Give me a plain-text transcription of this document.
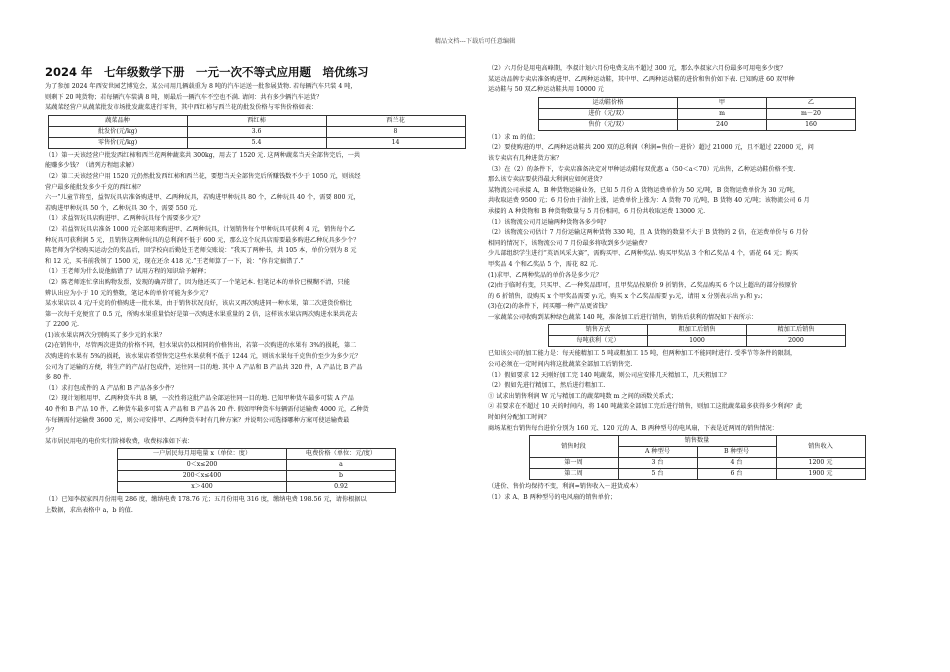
精品文档---下载后可任意编辑
2024 年　七年级数学下册　一元一次不等式应用题　培优练习

为了参加 2024 年西安世园艺博览会，某公司用几辆载重为 8 吨的汽车运送一批参展货物. 若每辆汽车只装 4 吨，

则剩下 20 吨货物；若每辆汽车装满 8 吨，则最后一辆汽车不空也不满. 请问：共有多少辆汽车运货？

某蔬菜经营户从蔬菜批发市场批发蔬菜进行零售，其中西红柿与西兰花的批发价格与零售价格如表：

蔬菜品种	西红柿	西兰花
批发价(元/kg)	3.6	8
零售价(元/kg)	5.4	14

（1）第一天该经营户批发西红柿和西兰花两种蔬菜共 300kg，用去了 1520 元. 这两种蔬菜当天全部售完后，一共

能赚多少钱？（请列方程组求解）

（2）第二天该经营户用 1520 元仍然批发西红柿和西兰花，要想当天全部售完后所赚钱数不少于 1050 元，则该经

营户最多能批发多少千克的西红柿？

六一”儿童节将至，益智玩具店准备购进甲、乙两种玩具，若购进甲种玩具 80 个，乙种玩具 40 个，需要 800 元，

若购进甲种玩具 50 个，乙种玩具 30 个，需要 550 元.

（1）求益智玩具店购进甲、乙两种玩具每个需要多少元？

（2）若益智玩具店准备 1000 元全部用来购进甲、乙两种玩具，计划销售每个甲种玩具可获利 4 元，销售每个乙

种玩具可获利润 5 元，且销售这两种玩具的总利润不低于 600 元，那么这个玩具店需要最多购进乙种玩具多少个？

陈老师为学校购买运动会的奖品后，回学校向后勤处王老师交账说：“我买了两种书，共 105 本，单价分别为 8 元

和 12 元，买书前我领了 1500 元，现在还余 418 元.”王老师算了一下，说：“你肯定搞错了.”

（1）王老师为什么说他搞错了？试用方程的知识给予解释；

（2）陈老师连忙拿出购物发票，发现的确弄错了，因为他还买了一个笔记本. 但笔记本的单价已模糊不清，只能

辨认出应为小于 10 元的整数，笔记本的单价可能为多少元？

某水果店以 4 元/千克的价格购进一批水果，由于销售状况良好，该店又再次购进同一种水果，第二次进货价格比

第一次每千克便宜了 0.5 元，所购水果重量恰好是第一次购进水果重量的 2 倍，这样该水果店两次购进水果共花去

了 2200 元.

(1)该水果店两次分别购买了多少元的水果？

(2)在销售中，尽管两次进货的价格不同，但水果店仍以相同的价格售出，若第一次购进的水果有 3%的损耗，第二

次购进的水果有 5%的损耗，该水果店希望售完这些水果获利不低于 1244 元，则该水果每千克售价至少为多少元？

公司为了运输的方便，将生产的产品打包成件，运往同一目的地. 其中 A 产品和 B 产品共 320 件，A 产品比 B 产品

多 80 件.

（1）求打包成件的 A 产品和 B 产品各多少件？

（2）现计划租用甲、乙两种货车共 8 辆，一次性将这批产品全部运往同一目的地. 已知甲种货车最多可装 A 产品

40 件和 B 产品 10 件，乙种货车最多可装 A 产品和 B 产品各 20 件. 假如甲种货车每辆需付运输费 4000 元，乙种货

车每辆需付运输费 3600 元，则公司安排甲、乙两种货车时有几种方案？并说明公司选择哪种方案可使运输费最

少？

某市居民用电的电价实行阶梯收费，收费标准如下表：

一户居民每月用电量 x（单位：度）	电费价格（单位：元/度）
0＜x≤200	a
200＜x≤400	b
x＞400	0.92

（1）已知李叔家四月份用电 286 度，缴纳电费 178.76 元；五月份用电 316 度，缴纳电费 198.56 元，请你根据以

上数据，求出表格中 a，b 的值.

（2）六月份是用电高峰期，李叔计划六月份电费支出不超过 300 元，那么李叔家六月份最多可用电多少度？

某运动品牌专卖店准备购进甲、乙两种运动鞋，其中甲、乙两种运动鞋的进价和售价如下表. 已知购进 60 双甲种

运动鞋与 50 双乙种运动鞋共用 10000 元

运动鞋价格	甲	乙
进价（元/双）	m	m－20
售价（元/双）	240	160

（1）求 m 的值；

（2）要使购进的甲、乙两种运动鞋共 200 双的总利润（利润=售价－进价）超过 21000 元，且不超过 22000 元，问

该专卖店有几种进货方案？

（3）在（2）的条件下，专卖店准备决定对甲种运动鞋每双优惠 a（50＜a＜70）元出售，乙种运动鞋价格不变.

那么该专卖店要获得最大利润应如何进货？

某物流公司承接 A，B 种货物运输业务，已知 5 月份 A 货物运费单价为 50 元/吨，B 货物运费单价为 30 元/吨，

共收取运费 9500 元；6 月份由于油价上涨，运费单价上涨为：A 货物 70 元/吨，B 货物 40 元/吨；该物流公司 6 月

承接的 A 种货物和 B 种货物数量与 5 月份相同，6 月份共收取运费 13000 元.

（1）该物流公司月运输两种货物各多少吨？

（2）该物流公司估计 7 月份运输这两种货物 330 吨，且 A 货物的数量不大于 B 货物的 2 倍，在运费单价与 6 月份

相同的情况下，该物流公司 7 月份最多将收到多少运输费？

少儿部组织学生进行“英语风采大赛”，需购买甲、乙两种奖品. 购买甲奖品 3 个和乙奖品 4 个，需花 64 元；购买

甲奖品 4 个和乙奖品 5 个，需花 82 元.

(1)求甲、乙两种奖品的单价各是多少元？

(2)由于临时有变，只买甲、乙一种奖品即可，且甲奖品按原价 9 折销售，乙奖品购买 6 个以上超出的部分按原价

的 6 折销售，设购买 x 个甲奖品需要 y₁元，购买 x 个乙奖品需要 y₂元，请用 x 分别表示出 y₁和 y₂；

(3)在(2)的条件下，问买哪一种产品更省钱？

一家蔬菜公司收购到某种绿色蔬菜 140 吨，准备加工后进行销售，销售后获利的情况如下表所示：

销售方式	粗加工后销售	精加工后销售
每吨获利（元）	1000	2000

已知该公司的加工能力是：每天能精加工 5 吨或粗加工 15 吨，但两种加工不能同时进行. 受季节等条件的限制，

公司必须在一定时间内将这批蔬菜全部加工后销售完.

（1）假如要求 12 天刚好加工完 140 吨蔬菜，则公司应安排几天精加工，几天粗加工？

（2）假如先进行精加工，然后进行粗加工.

① 试求出销售利润 W 元与精加工的蔬菜吨数 m 之间的函数关系式；

② 若要求在不超过 10 天的时间内，将 140 吨蔬菜全部加工完后进行销售，则加工这批蔬菜最多获得多少利润？此

时如何分配加工时间？

商场某柜台销售每台进价分别为 160 元、120 元的 A、B 两种型号的电风扇，下表是近两周的销售情况：

销售时段	销售数量		销售收入
	A 种型号	B 种型号	
第一周	3 台	4 台	1200 元
第二周	5 台	6 台	1900 元

（进价、售价均保持不变，利润=销售收入－进货成本）

（1）求 A、B 两种型号的电风扇的销售单价；
